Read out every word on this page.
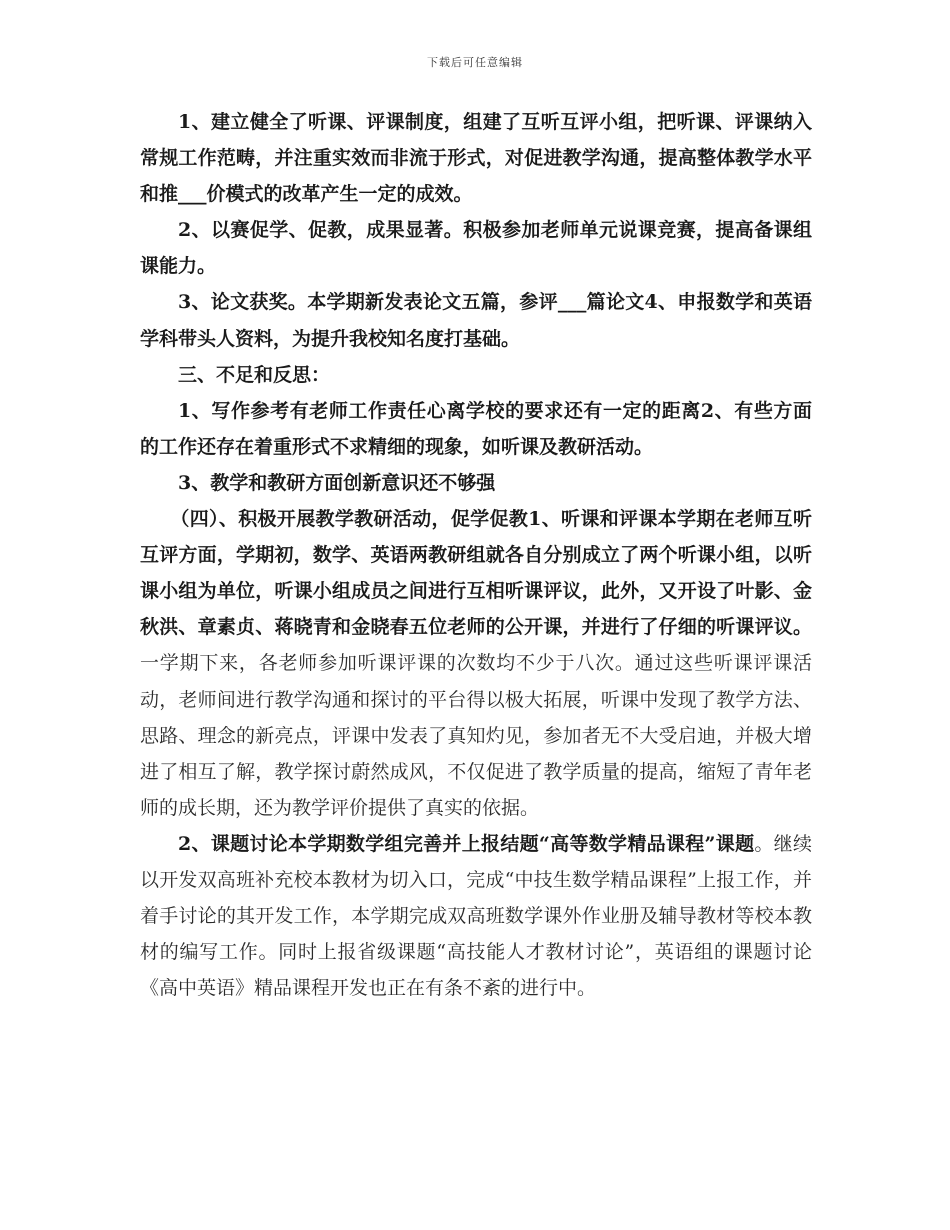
下载后可任意编辑

1、建立健全了听课、评课制度，组建了互听互评小组，把听课、评课纳入常规工作范畴，并注重实效而非流于形式，对促进教学沟通，提高整体教学水平和推___价模式的改革产生一定的成效。

2、以赛促学、促教，成果显著。积极参加老师单元说课竞赛，提高备课组课能力。

3、论文获奖。本学期新发表论文五篇，参评___篇论文4、申报数学和英语学科带头人资料，为提升我校知名度打基础。

三、不足和反思：

1、写作参考有老师工作责任心离学校的要求还有一定的距离2、有些方面的工作还存在着重形式不求精细的现象，如听课及教研活动。

3、教学和教研方面创新意识还不够强

（四）、积极开展教学教研活动，促学促教1、听课和评课本学期在老师互听互评方面，学期初，数学、英语两教研组就各自分别成立了两个听课小组，以听课小组为单位，听课小组成员之间进行互相听课评议，此外，又开设了叶影、金秋洪、章素贞、蒋晓青和金晓春五位老师的公开课，并进行了仔细的听课评议。一学期下来，各老师参加听课评课的次数均不少于八次。通过这些听课评课活动，老师间进行教学沟通和探讨的平台得以极大拓展，听课中发现了教学方法、思路、理念的新亮点，评课中发表了真知灼见，参加者无不大受启迪，并极大增进了相互了解，教学探讨蔚然成风，不仅促进了教学质量的提高，缩短了青年老师的成长期，还为教学评价提供了真实的依据。

2、课题讨论本学期数学组完善并上报结题“高等数学精品课程”课题。继续以开发双高班补充校本教材为切入口，完成“中技生数学精品课程”上报工作，并着手讨论的其开发工作，本学期完成双高班数学课外作业册及辅导教材等校本教材的编写工作。同时上报省级课题“高技能人才教材讨论”，英语组的课题讨论《高中英语》精品课程开发也正在有条不紊的进行中。
